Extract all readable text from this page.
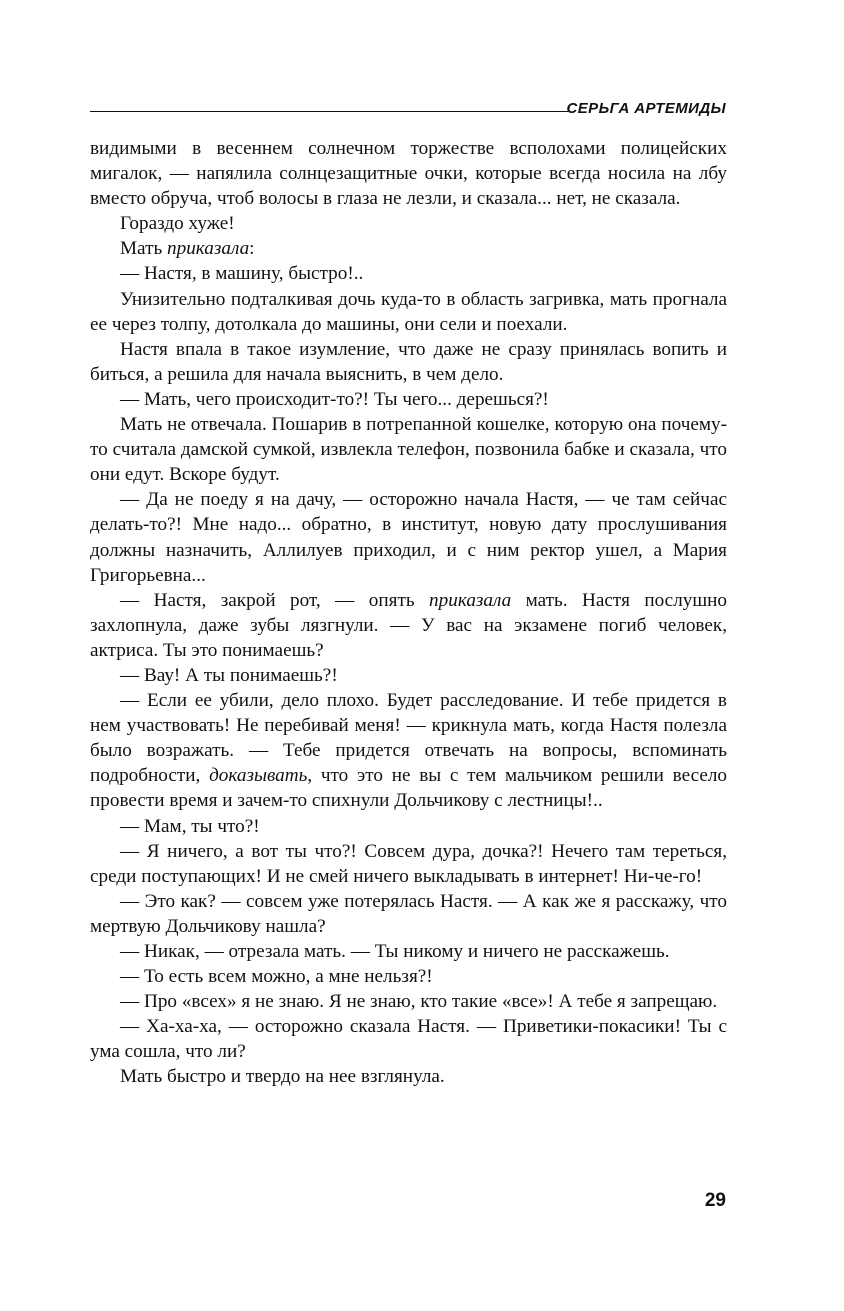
СЕРЬГА АРТЕМИДЫ

видимыми в весеннем солнечном торжестве всполохами полицейских мигалок, — напялила солнцезащитные очки, которые всегда носила на лбу вместо обруча, чтоб волосы в глаза не лезли, и сказала... нет, не сказала.

Гораздо хуже!

Мать приказала:

— Настя, в машину, быстро!..

Унизительно подталкивая дочь куда-то в область загривка, мать прогнала ее через толпу, дотолкала до машины, они сели и поехали.

Настя впала в такое изумление, что даже не сразу принялась вопить и биться, а решила для начала выяснить, в чем дело.

— Мать, чего происходит-то?! Ты чего... дерешься?!

Мать не отвечала. Пошарив в потрепанной кошелке, которую она почему-то считала дамской сумкой, извлекла телефон, позвонила бабке и сказала, что они едут. Вскоре будут.

— Да не поеду я на дачу, — осторожно начала Настя, — че там сейчас делать-то?! Мне надо... обратно, в институт, новую дату прослушивания должны назначить, Аллилуев приходил, и с ним ректор ушел, а Мария Григорьевна...

— Настя, закрой рот, — опять приказала мать. Настя послушно захлопнула, даже зубы лязгнули. — У вас на экзамене погиб человек, актриса. Ты это понимаешь?

— Вау! А ты понимаешь?!

— Если ее убили, дело плохо. Будет расследование. И тебе придется в нем участвовать! Не перебивай меня! — крикнула мать, когда Настя полезла было возражать. — Тебе придется отвечать на вопросы, вспоминать подробности, доказывать, что это не вы с тем мальчиком решили весело провести время и зачем-то спихнули Дольчикову с лестницы!..

— Мам, ты что?!

— Я ничего, а вот ты что?! Совсем дура, дочка?! Нечего там тереться, среди поступающих! И не смей ничего выкладывать в интернет! Ни-че-го!

— Это как? — совсем уже потерялась Настя. — А как же я расскажу, что мертвую Дольчикову нашла?

— Никак, — отрезала мать. — Ты никому и ничего не расскажешь.

— То есть всем можно, а мне нельзя?!

— Про «всех» я не знаю. Я не знаю, кто такие «все»! А тебе я запрещаю.

— Ха-ха-ха, — осторожно сказала Настя. — Приветики-покасики! Ты с ума сошла, что ли?

Мать быстро и твердо на нее взглянула.

29
